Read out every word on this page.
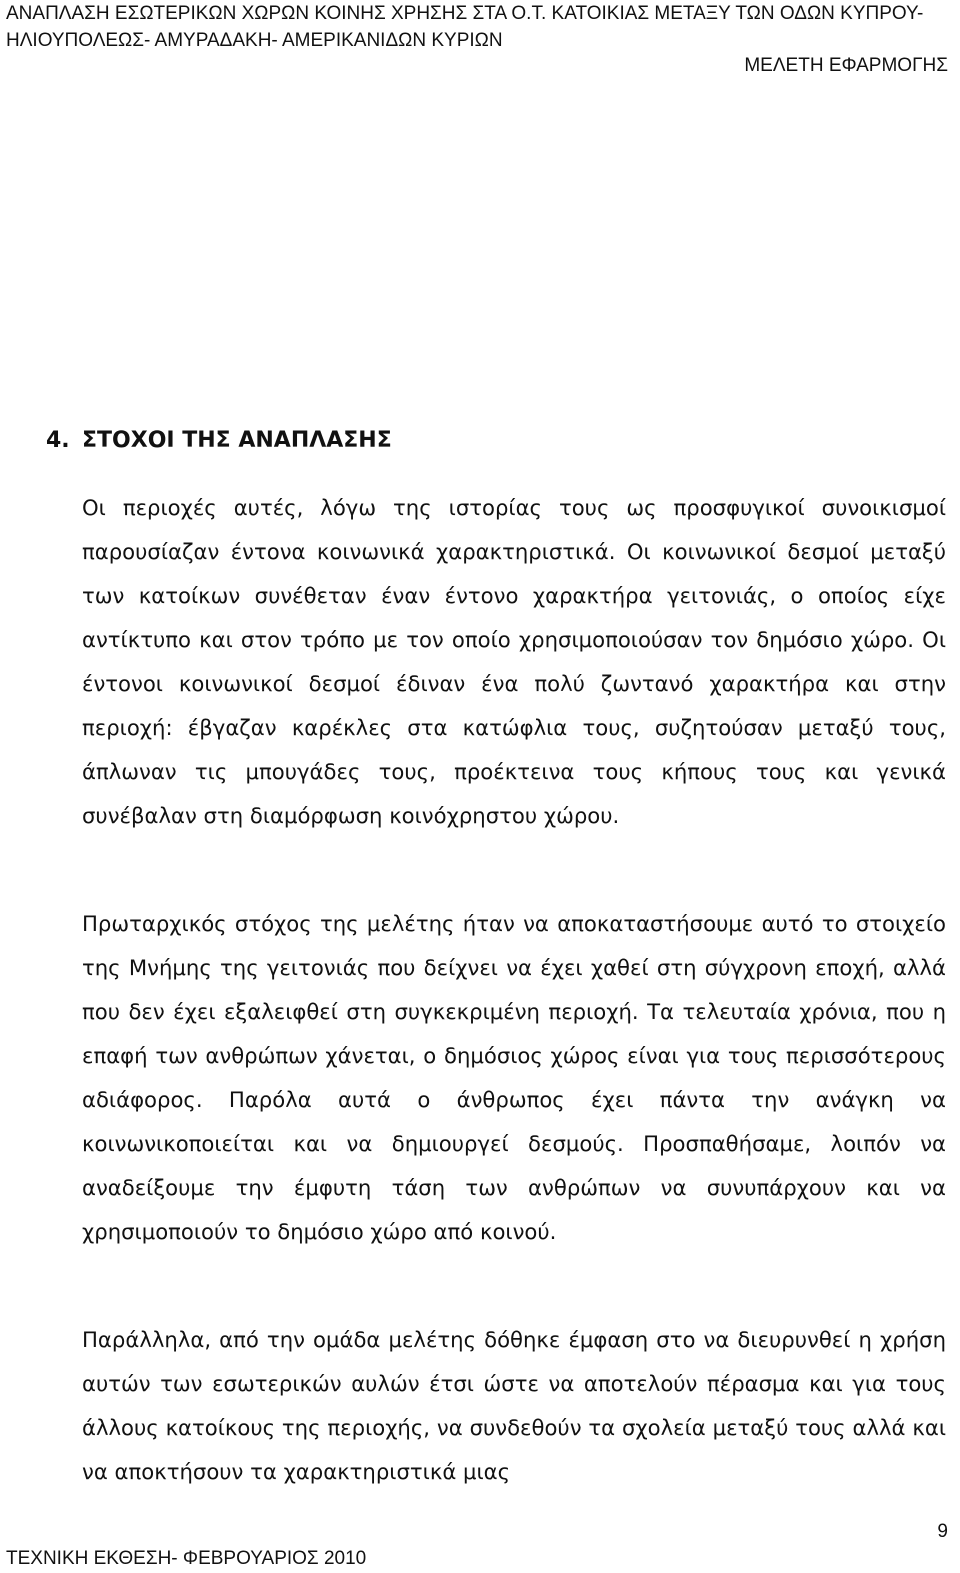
ΑΝΑΠΛΑΣΗ ΕΣΩΤΕΡΙΚΩΝ ΧΩΡΩΝ ΚΟΙΝΗΣ ΧΡΗΣΗΣ ΣΤΑ Ο.Τ. ΚΑΤΟΙΚΙΑΣ ΜΕΤΑΞΥ ΤΩΝ ΟΔΩΝ ΚΥΠΡΟΥ-
ΗΛΙΟΥΠΟΛΕΩΣ- ΑΜΥΡΑΔΑΚΗ- ΑΜΕΡΙΚΑΝΙΔΩΝ ΚΥΡΙΩΝ
ΜΕΛΕΤΗ ΕΦΑΡΜΟΓΗΣ
4. ΣΤΟΧΟΙ ΤΗΣ ΑΝΑΠΛΑΣΗΣ

Οι περιοχές αυτές, λόγω της ιστορίας τους ως προσφυγικοί συνοικισμοί παρουσίαζαν έντονα κοινωνικά χαρακτηριστικά. Οι κοινωνικοί δεσμοί μεταξύ των κατοίκων συνέθεταν έναν έντονο χαρακτήρα γειτονιάς, ο οποίος είχε αντίκτυπο και στον τρόπο με τον οποίο χρησιμοποιούσαν τον δημόσιο χώρο. Οι έντονοι κοινωνικοί δεσμοί έδιναν ένα πολύ ζωντανό χαρακτήρα και στην περιοχή: έβγαζαν καρέκλες στα κατώφλια τους, συζητούσαν μεταξύ τους, άπλωναν τις μπουγάδες τους, προέκτεινα τους κήπους τους και γενικά συνέβαλαν στη διαμόρφωση κοινόχρηστου χώρου.

Πρωταρχικός στόχος της μελέτης ήταν να αποκαταστήσουμε αυτό το στοιχείο της Μνήμης της γειτονιάς που δείχνει να έχει χαθεί στη σύγχρονη εποχή, αλλά που δεν έχει εξαλειφθεί στη συγκεκριμένη περιοχή. Τα τελευταία χρόνια, που η επαφή των ανθρώπων χάνεται, ο δημόσιος χώρος είναι για τους περισσότερους αδιάφορος. Παρόλα αυτά ο άνθρωπος έχει πάντα την ανάγκη να κοινωνικοποιείται και να δημιουργεί δεσμούς. Προσπαθήσαμε, λοιπόν να αναδείξουμε την έμφυτη τάση των ανθρώπων να συνυπάρχουν και να χρησιμοποιούν το δημόσιο χώρο από κοινού.

Παράλληλα, από την ομάδα μελέτης δόθηκε έμφαση στο να διευρυνθεί η χρήση αυτών των εσωτερικών αυλών έτσι ώστε να αποτελούν πέρασμα και για τους άλλους κατοίκους της περιοχής, να συνδεθούν τα σχολεία μεταξύ τους αλλά και να αποκτήσουν τα χαρακτηριστικά μιας

9
ΤΕΧΝΙΚΗ ΕΚΘΕΣΗ- ΦΕΒΡΟΥΑΡΙΟΣ 2010
